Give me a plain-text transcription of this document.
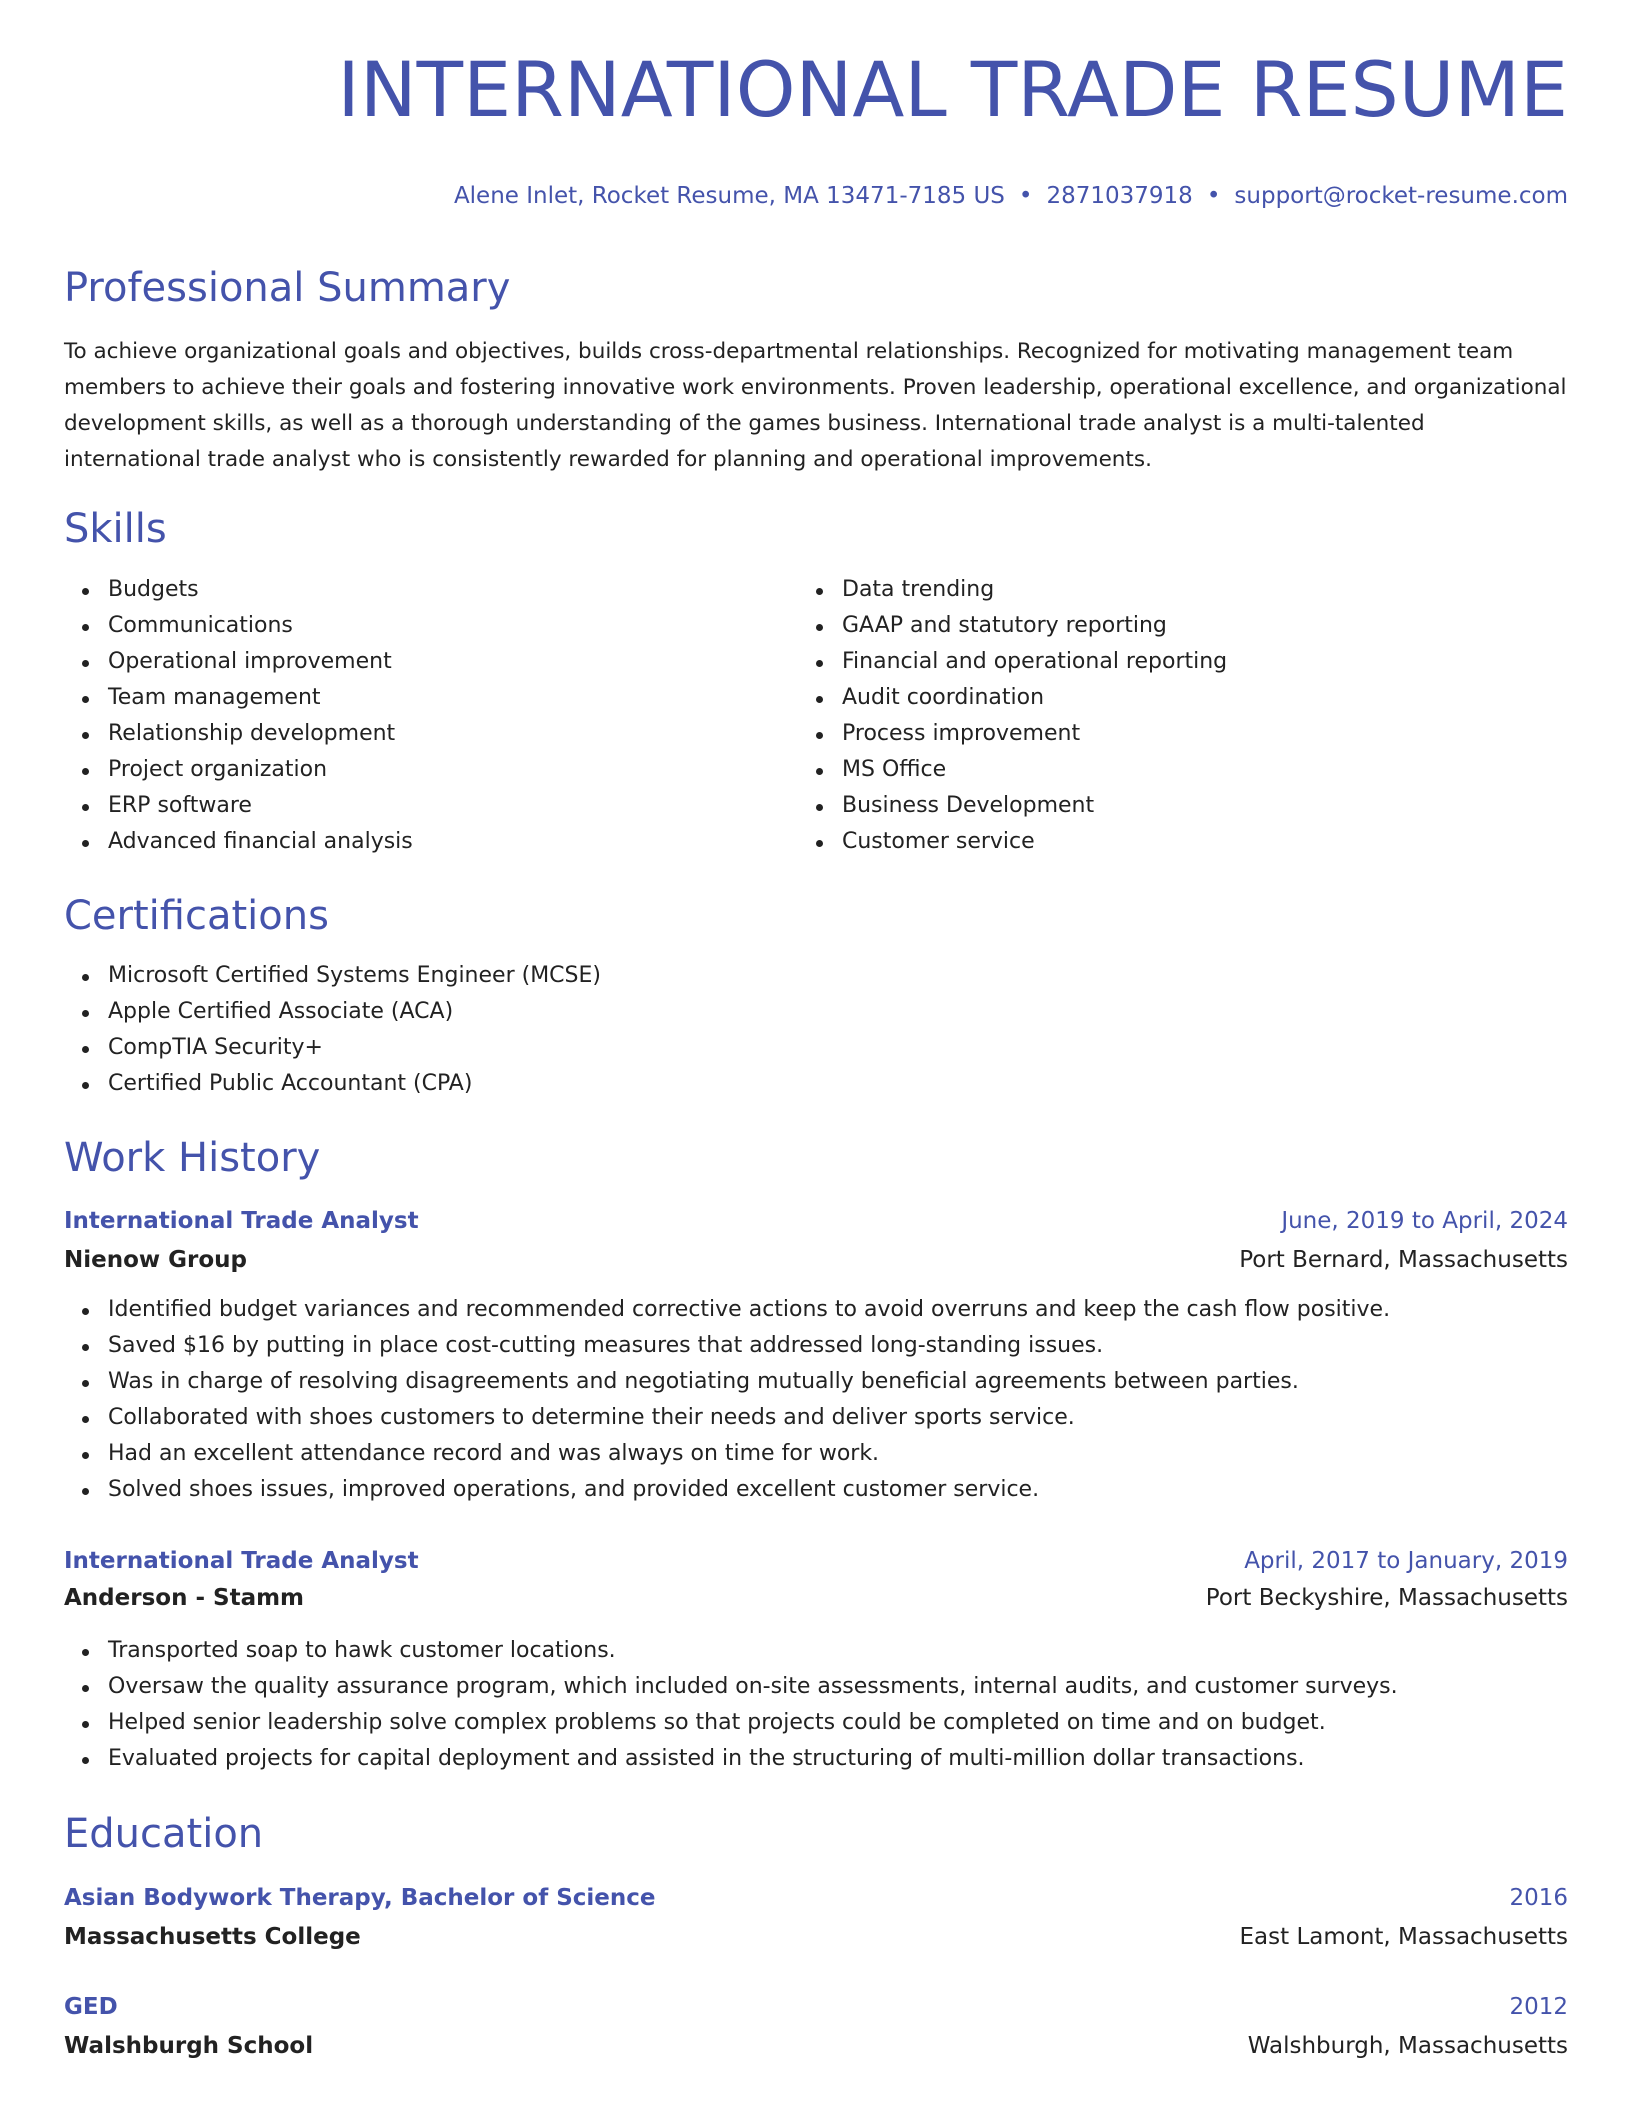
INTERNATIONAL TRADE RESUME
Alene Inlet, Rocket Resume, MA 13471-7185 US • 2871037918 • support@rocket-resume.com
Professional Summary

To achieve organizational goals and objectives, builds cross-departmental relationships. Recognized for motivating management team members to achieve their goals and fostering innovative work environments. Proven leadership, operational excellence, and organizational development skills, as well as a thorough understanding of the games business. International trade analyst is a multi-talented international trade analyst who is consistently rewarded for planning and operational improvements.

Skills
Budgets
Communications
Operational improvement
Team management
Relationship development
Project organization
ERP software
Advanced financial analysis
Data trending
GAAP and statutory reporting
Financial and operational reporting
Audit coordination
Process improvement
MS Office
Business Development
Customer service
Certifications
Microsoft Certified Systems Engineer (MCSE)
Apple Certified Associate (ACA)
CompTIA Security+
Certified Public Accountant (CPA)
Work History
International Trade Analyst	June, 2019 to April, 2024
Nienow Group	Port Bernard, Massachusetts
Identified budget variances and recommended corrective actions to avoid overruns and keep the cash flow positive.
Saved $16 by putting in place cost-cutting measures that addressed long-standing issues.
Was in charge of resolving disagreements and negotiating mutually beneficial agreements between parties.
Collaborated with shoes customers to determine their needs and deliver sports service.
Had an excellent attendance record and was always on time for work.
Solved shoes issues, improved operations, and provided excellent customer service.
International Trade Analyst	April, 2017 to January, 2019
Anderson - Stamm	Port Beckyshire, Massachusetts
Transported soap to hawk customer locations.
Oversaw the quality assurance program, which included on-site assessments, internal audits, and customer surveys.
Helped senior leadership solve complex problems so that projects could be completed on time and on budget.
Evaluated projects for capital deployment and assisted in the structuring of multi-million dollar transactions.
Education
Asian Bodywork Therapy, Bachelor of Science	2016
Massachusetts College	East Lamont, Massachusetts
GED	2012
Walshburgh School	Walshburgh, Massachusetts
